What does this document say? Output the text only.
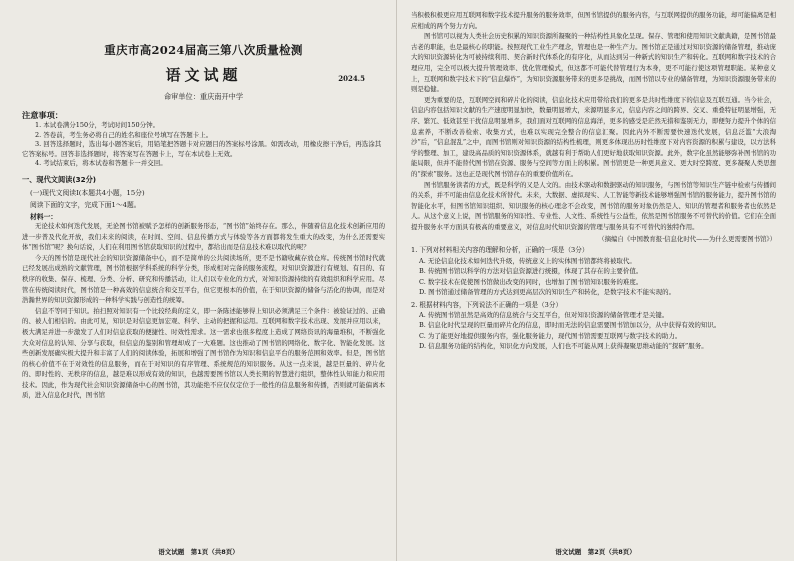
重庆市高2024届高三第八次质量检测
语文试题	2024.5
命审单位：重庆南开中学
注意事项：

1. 本试卷满分150分，考试时间150分钟。

2. 答卷前，考生务必将自己的姓名和座位号填写在答题卡上。

3. 回答选择题时，选出每小题答案后，用铅笔把答题卡对应题目的答案标号涂黑。如需改动，用橡皮擦干净后，再选涂其它答案标号。回答非选择题时，将答案写在答题卡上，写在本试卷上无效。

4. 考试结束后，将本试卷和答题卡一并交回。

一、现代文阅读(32分)
(一)现代文阅读Ⅰ(本题共4小题，15分)
阅读下面的文字，完成下面1～4题。
材料一：

无论技术如何迭代发展，无论图书馆被赋予怎样的创新服务形态，“图书馆”始终存在。那么，伴随着信息化技术创新应用的进一步普及代化开放，我们未来的阅读，在时间、空间、信息传播方式与体验等各方面都将发生重大的改变，为什么还需要实体“图书馆”呢？换句话说，人们在利用图书馆获取知识的过程中，都给出而是信息技术难以取代的呢？

今天的图书馆是现代社会的知识资源储备中心，而不是简单的公共阅读场所，更不是书籍收藏存放仓库。传统图书馆时代就已经发展出成熟的文献管理，图书馆根据学科系统的科学分类，形成相对完备的服务流程，对知识资源进行有规划、有目的、有秩序的收集、保存、梳理、分类、分析、研究和传播活动，让人们以专业化的方式，对知识资源持续的有效组织和科学应用。尽管在传统阅读时代，图书馆是一种高效的信息统合和交互平台，但它更根本的价值，在于知识资源的储备与活化的协调，而是对浩瀚世界的知识资源形成的一种科学实践与创造性的统筹。

信息不等同于知识。拍扫照对知识有一个比较经典的定义，即一条陈述能够得上知识必须满足三个条件：被验证过的、正确的、被人们相信的。由此可见，知识是对信息更加宏观、科学、主动的把握和运用。互联网和数字技术出现、发展并应用以来，极大满足并进一步激发了人们对信息获取的便捷性、时效性需求。这一需求也很多程度上造成了网络资讯的海量堆积，不断强化大众对信息的认知、分享与获取，但信息的鉴别和管理却成了一大难题。这也推动了图书馆的网络化、数字化、智能化发展。这些创新发展确实极大提升和丰富了人们的阅读体验，拓展和增强了图书馆作为知识和信息平台的服务范围和效率。但是，图书馆的核心价值不在于对效性的信息服务，而在于对知识的有序管理、系统规范的知识服务。从这一点来说，越是巨量的、碎片化的、即时性的、无秩序的信息，越是难以形成有效的知识，也越需要图书馆以人类长期的智慧进行组织，整体性认知能力和应用技术。因此，作为现代社会知识资源储备中心的图书馆，其功能绝不应仅仅定位于一般性的信息服务和传播，否则就可能偏离本质，进入信息化时代，图书馆

语文试题　第1页（共8页）

当积极积极更应用互联网和数字技术提升服务的服务效率，但图书馆提供的服务内容，与互联网提供的服务功能，却可能偏离是相应相成的两个努力方向。

图书馆可以视为人类社会历史积累的知识资源所凝聚的一种结构性具象化呈现。保存、管理和使用知识文献典籍，是图书馆最古老的职能，也是最核心的职能。按照现代工业生产理念，管理也是一种生产力。图书馆正是通过对知识资源的储备管理，推动庞大的知识资源转化为可被持续利用、契合新时代体系化的有序化，从而达到另一种新式的知识生产和转化。互联网和数字技术的合理应用，完全可以极大提升管理效率、优化管理模式，但这都不可能代替管理行为本身，更不可能行使这项管理职能。某种意义上，互联网和数字技术下的“信息爆炸”，为知识资源服务带来的更多是挑战，而图书馆以专业的储备管理，为知识资源服务带来的则是稳健。

更为重要的是，互联网空间和碎片化的阅读，信息化技术应用带给我们的更多是共时性维度下的信息及互联互通。当今社会，信息内容包括知识文献的生产速度明显加快，数量明显增大，来源明显多元，信息内容之间的跨界、交叉、重叠特征明显增强，无序、繁冗、低效甚至干扰信息明显增多，我们面对互联网的信息海洋，更多的感受是茫然无措和鉴别无力，即便努力提升个体的信息素养，不断改善检索、收集方式，也难以实现完全整合的信息汇聚。因此内外不断需要快速迭代发展，信息泛滥“大浪淘沙”后，“信息混乱”之中，而图书馆则对知识资源的结构性梳理，则更多体现出历时性维度下对内容资源的积累与建设，以方法科学的整理、加工，建设高品质的知识资源体系，就越有利于帮助人们更好地获取知识资源。此外，数字化虽然能够弥补图书馆的功能局限，但并不能替代图书馆在资源、服务与空间等方面上的积累。图书馆更是一种更具意义、更大时空跨度、更多凝聚人类思想的“探索”服务。这也正是现代图书馆存在的重要价值所在。

图书馆服务读者的方式，既是科学的又是人文的。由技术驱动和数据驱动的知识服务，与图书馆等知识生产链中检索与传播间的关系，并不可能由信息化技术所替代。未来，大数据、虚拟现实、人工智能等新技术能够增强图书馆的服务能力，提升图书馆的智能化水平，但图书馆知识组织、知识服务的核心理念不会改变，图书馆的服务对象仍然是人、知识的管理者和服务者也依然是人。从这个意义上说，图书馆服务的知识性、专业性、人文性、系统性与公益性，依然是图书馆服务不可替代的价值。它们在全面提升服务水平方面具有极高的重要意义，对信息时代知识资源的管理与服务具有不可替代的独特作用。

（摘编自《中国教育报·信息化时代——为什么更需要图书馆》）
1. 下列对材料相关内容的理解和分析，正确的一项是（3分）
A. 无论信息化技术如何迭代升级，传统意义上的实体图书馆都终将被取代。
B. 传统图书馆以科学的方法对信息资源进行统摄，体现了其存在的主要价值。
C. 数字技术在促使图书馆做出改变的同时，也增加了图书馆知识服务的难度。
D. 图书馆通过储备管理的方式达到更高层次的知识生产和转化，是数字技术不能实现的。
2. 根据材料内容，下列说法不正确的一项是（3分）
A. 传统图书馆虽然是高效的信息统合与交互平台，但对知识资源的储备管理才是关键。
B. 信息化时代呈现的巨量而碎片化的信息，即时而无法的信息需要图书馆加以分，从中获得有效的知识。
C. 为了能更好地提供服务内容，强化服务能力，现代图书馆需要互联网与数字技术的助力。
D. 信息服务功能的结构化，知识化方向发展，人们也不可能从网上获得凝聚思维动能的“探研”服务。
语文试题　第2页（共8页）
